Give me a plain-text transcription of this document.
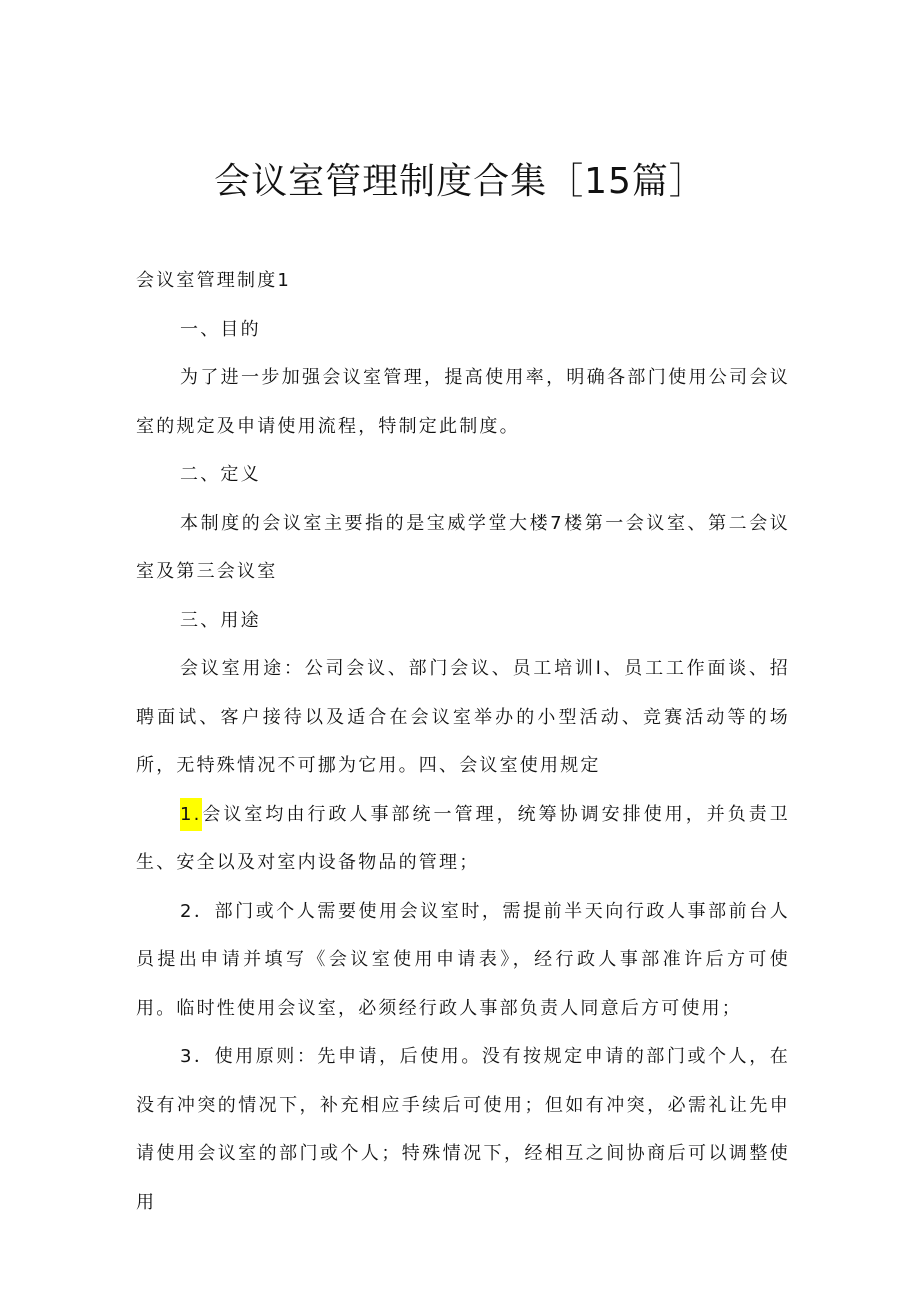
会议室管理制度合集［15篇］

会议室管理制度1

一、目的

为了进一步加强会议室管理，提高使用率，明确各部门使用公司会议室的规定及申请使用流程，特制定此制度。

二、定义

本制度的会议室主要指的是宝威学堂大楼7楼第一会议室、第二会议室及第三会议室

三、用途

会议室用途：公司会议、部门会议、员工培训l、员工工作面谈、招聘面试、客户接待以及适合在会议室举办的小型活动、竞赛活动等的场所，无特殊情况不可挪为它用。四、会议室使用规定

1.会议室均由行政人事部统一管理，统筹协调安排使用，并负责卫生、安全以及对室内设备物品的管理；

2．部门或个人需要使用会议室时，需提前半天向行政人事部前台人员提出申请并填写《会议室使用申请表》，经行政人事部准许后方可使用。临时性使用会议室，必须经行政人事部负责人同意后方可使用；

3．使用原则：先申请，后使用。没有按规定申请的部门或个人，在没有冲突的情况下，补充相应手续后可使用；但如有冲突，必需礼让先申请使用会议室的部门或个人；特殊情况下，经相互之间协商后可以调整使用
